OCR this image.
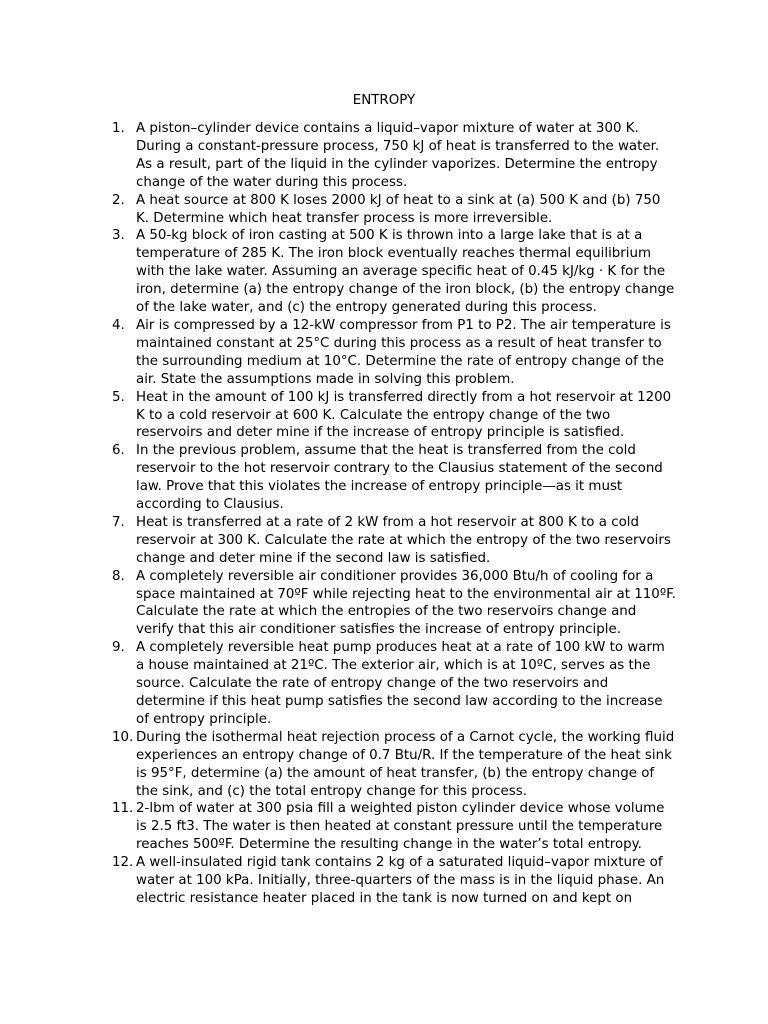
ENTROPY
1. A piston–cylinder device contains a liquid–vapor mixture of water at 300 K. During a constant-pressure process, 750 kJ of heat is transferred to the water. As a result, part of the liquid in the cylinder vaporizes. Determine the entropy change of the water during this process.
2. A heat source at 800 K loses 2000 kJ of heat to a sink at (a) 500 K and (b) 750 K. Determine which heat transfer process is more irreversible.
3. A 50-kg block of iron casting at 500 K is thrown into a large lake that is at a temperature of 285 K. The iron block eventually reaches thermal equilibrium with the lake water. Assuming an average specific heat of 0.45 kJ/kg · K for the iron, determine (a) the entropy change of the iron block, (b) the entropy change of the lake water, and (c) the entropy generated during this process.
4. Air is compressed by a 12-kW compressor from P1 to P2. The air temperature is maintained constant at 25°C during this process as a result of heat transfer to the surrounding medium at 10°C. Determine the rate of entropy change of the air. State the assumptions made in solving this problem.
5. Heat in the amount of 100 kJ is transferred directly from a hot reservoir at 1200 K to a cold reservoir at 600 K. Calculate the entropy change of the two reservoirs and deter mine if the increase of entropy principle is satisfied.
6. In the previous problem, assume that the heat is transferred from the cold reservoir to the hot reservoir contrary to the Clausius statement of the second law. Prove that this violates the increase of entropy principle—as it must according to Clausius.
7. Heat is transferred at a rate of 2 kW from a hot reservoir at 800 K to a cold reservoir at 300 K. Calculate the rate at which the entropy of the two reservoirs change and deter mine if the second law is satisfied.
8. A completely reversible air conditioner provides 36,000 Btu/h of cooling for a space maintained at 70ºF while rejecting heat to the environmental air at 110ºF. Calculate the rate at which the entropies of the two reservoirs change and verify that this air conditioner satisfies the increase of entropy principle.
9. A completely reversible heat pump produces heat at a rate of 100 kW to warm a house maintained at 21ºC. The exterior air, which is at 10ºC, serves as the source. Calculate the rate of entropy change of the two reservoirs and determine if this heat pump satisfies the second law according to the increase of entropy principle.
10. During the isothermal heat rejection process of a Carnot cycle, the working fluid experiences an entropy change of 0.7 Btu/R. If the temperature of the heat sink is 95°F, determine (a) the amount of heat transfer, (b) the entropy change of the sink, and (c) the total entropy change for this process.
11. 2-lbm of water at 300 psia fill a weighted piston cylinder device whose volume is 2.5 ft3. The water is then heated at constant pressure until the temperature reaches 500ºF. Determine the resulting change in the water’s total entropy.
12. A well-insulated rigid tank contains 2 kg of a saturated liquid–vapor mixture of water at 100 kPa. Initially, three-quarters of the mass is in the liquid phase. An electric resistance heater placed in the tank is now turned on and kept on
